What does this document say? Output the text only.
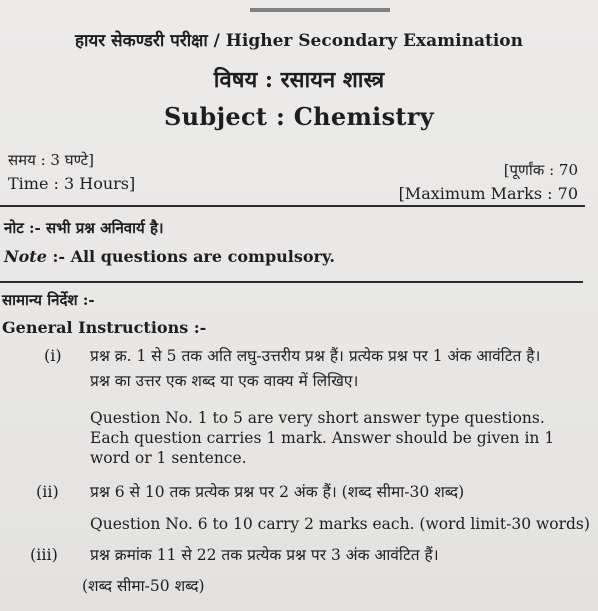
हायर सेकण्डरी परीक्षा / Higher Secondary Examination
विषय : रसायन शास्त्र
Subject : Chemistry
समय : 3 घण्टे]
Time : 3 Hours]
[पूर्णांक : 70
[Maximum Marks : 70
नोट :- सभी प्रश्न अनिवार्य है।
Note :- All questions are compulsory.
सामान्य निर्देश :-
General Instructions :-
(i) प्रश्न क्र. 1 से 5 तक अति लघु-उत्तरीय प्रश्न हैं। प्रत्येक प्रश्न पर 1 अंक आवंटित है।
प्रश्न का उत्तर एक शब्द या एक वाक्य में लिखिए।
Question No. 1 to 5 are very short answer type questions. Each question carries 1 mark. Answer should be given in 1 word or 1 sentence.
(ii) प्रश्न 6 से 10 तक प्रत्येक प्रश्न पर 2 अंक हैं। (शब्द सीमा-30 शब्द)
Question No. 6 to 10 carry 2 marks each. (word limit-30 words)
(iii) प्रश्न क्रमांक 11 से 22 तक प्रत्येक प्रश्न पर 3 अंक आवंटित हैं।
(शब्द सीमा-50 शब्द)
